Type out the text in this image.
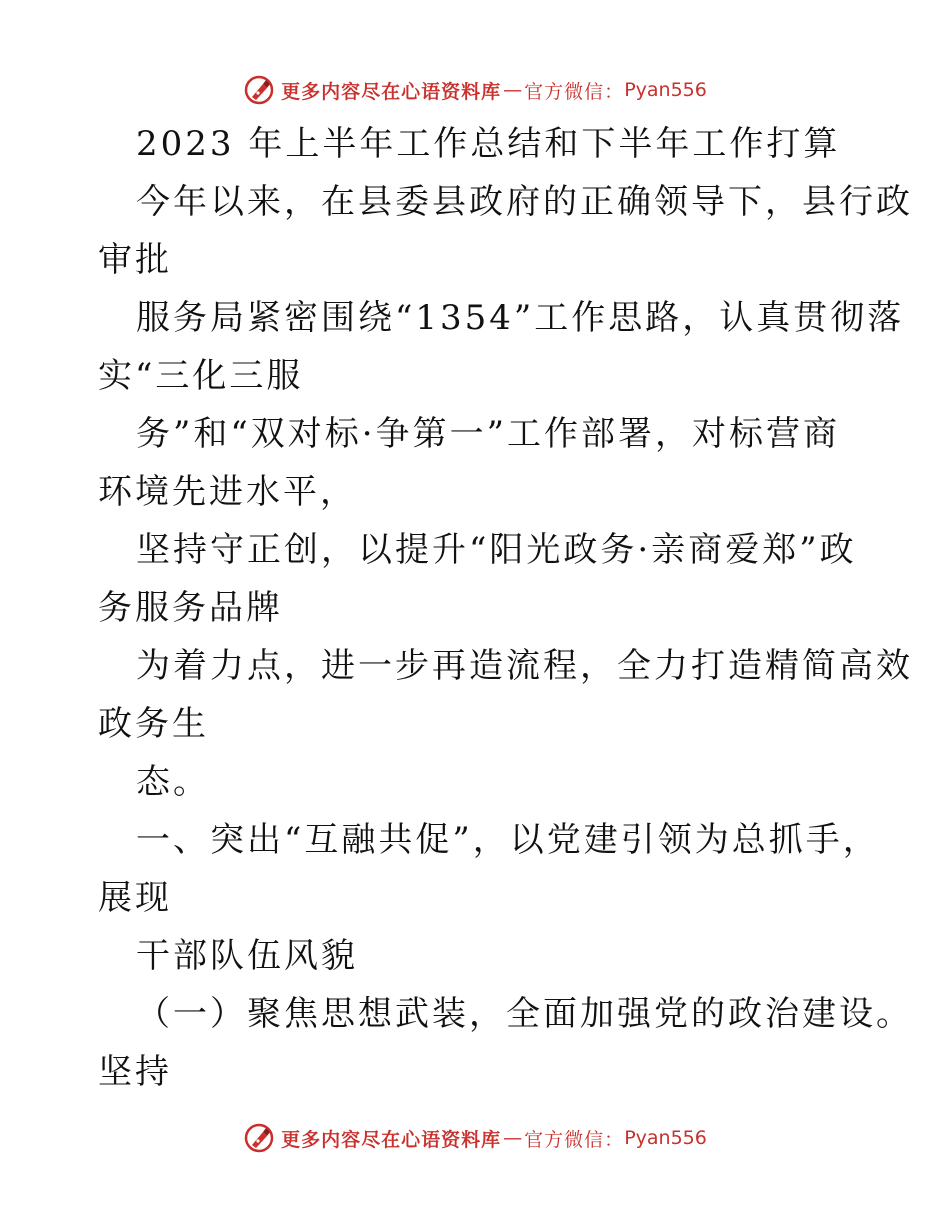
更多内容尽在心语资料库 — 官方微信： Pyan556
2023 年上半年工作总结和下半年工作打算
今年以来，在县委县政府的正确领导下，县行政
审批
服务局紧密围绕“1354”工作思路，认真贯彻落
实“三化三服
务”和“双对标·争第一”工作部署，对标营商
环境先进水平，
坚持守正创，以提升“阳光政务·亲商爱郑”政
务服务品牌
为着力点，进一步再造流程，全力打造精简高效
政务生
态。
一、突出“互融共促”，以党建引领为总抓手，
展现
干部队伍风貌
（一）聚焦思想武装，全面加强党的政治建设。
坚持
更多内容尽在心语资料库 — 官方微信： Pyan556
